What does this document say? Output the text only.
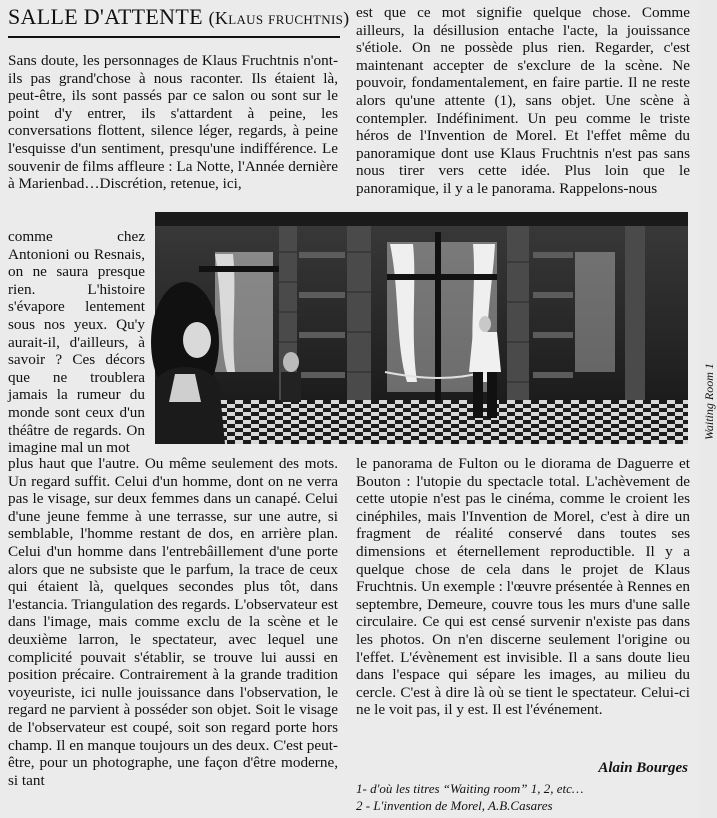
SALLE D'ATTENTE (Klaus fruchtnis)

Sans doute, les personnages de Klaus Fruchtnis n'ont-ils pas grand'chose à nous raconter. Ils étaient là, peut-être, ils sont passés par ce salon ou sont sur le point d'y entrer, ils s'attardent à peine, les conversations flottent, silence léger, regards, à peine l'esquisse d'un sentiment, presqu'une indifférence. Le souvenir de films affleure : La Notte, l'Année dernière à Marienbad…Discrétion, retenue, ici,

comme chez Antonioni ou Resnais, on ne saura presque rien. L'histoire s'évapore lentement sous nos yeux. Qu'y aurait-il, d'ailleurs, à savoir ? Ces décors que ne troublera jamais la rumeur du monde sont ceux d'un théâtre de regards. On imagine mal un mot

plus haut que l'autre. Ou même seulement des mots. Un regard suffit. Celui d'un homme, dont on ne verra pas le visage, sur deux femmes dans un canapé. Celui d'une jeune femme à une terrasse, sur une autre, si semblable, l'homme restant de dos, en arrière plan. Celui d'un homme dans l'entrebâillement d'une porte alors que ne subsiste que le parfum, la trace de ceux qui étaient là, quelques secondes plus tôt, dans l'estancia. Triangulation des regards. L'observateur est dans l'image, mais comme exclu de la scène et le deuxième larron, le spectateur, avec lequel une complicité pouvait s'établir, se trouve lui aussi en position précaire. Contrairement à la grande tradition voyeuriste, ici nulle jouissance dans l'observation, le regard ne parvient à posséder son objet. Soit le visage de l'observateur est coupé, soit son regard porte hors champ. Il en manque toujours un des deux. C'est peut-être, pour un photographe, une façon d'être moderne, si tant

est que ce mot signifie quelque chose. Comme ailleurs, la désillusion entache l'acte, la jouissance s'étiole. On ne possède plus rien. Regarder, c'est maintenant accepter de s'exclure de la scène. Ne pouvoir, fondamentalement, en faire partie. Il ne reste alors qu'une attente (1), sans objet. Une scène à contempler. Indéfiniment. Un peu comme le triste héros de l'Invention de Morel. Et l'effet même du panoramique dont use Klaus Fruchtnis n'est pas sans nous tirer vers cette idée. Plus loin que le panoramique, il y a le panorama. Rappelons-nous

le panorama de Fulton ou le diorama de Daguerre et Bouton : l'utopie du spectacle total. L'achèvement de cette utopie n'est pas le cinéma, comme le croient les cinéphiles, mais l'Invention de Morel, c'est à dire un fragment de réalité conservé dans toutes ses dimensions et éternellement reproductible. Il y a quelque chose de cela dans le projet de Klaus Fruchtnis. Un exemple : l'œuvre présentée à Rennes en septembre, Demeure, couvre tous les murs d'une salle circulaire. Ce qui est censé survenir n'existe pas dans les photos. On n'en discerne seulement l'origine ou l'effet. L'évènement est invisible. Il a sans doute lieu dans l'espace qui sépare les images, au milieu du cercle. C'est à dire là où se tient le spectateur. Celui-ci ne le voit pas, il y est. Il est l'événement.

Waiting Room 1
Alain Bourges
1- d'où les titres “Waiting room” 1, 2, etc…
2 - L'invention de Morel, A.B.Casares
